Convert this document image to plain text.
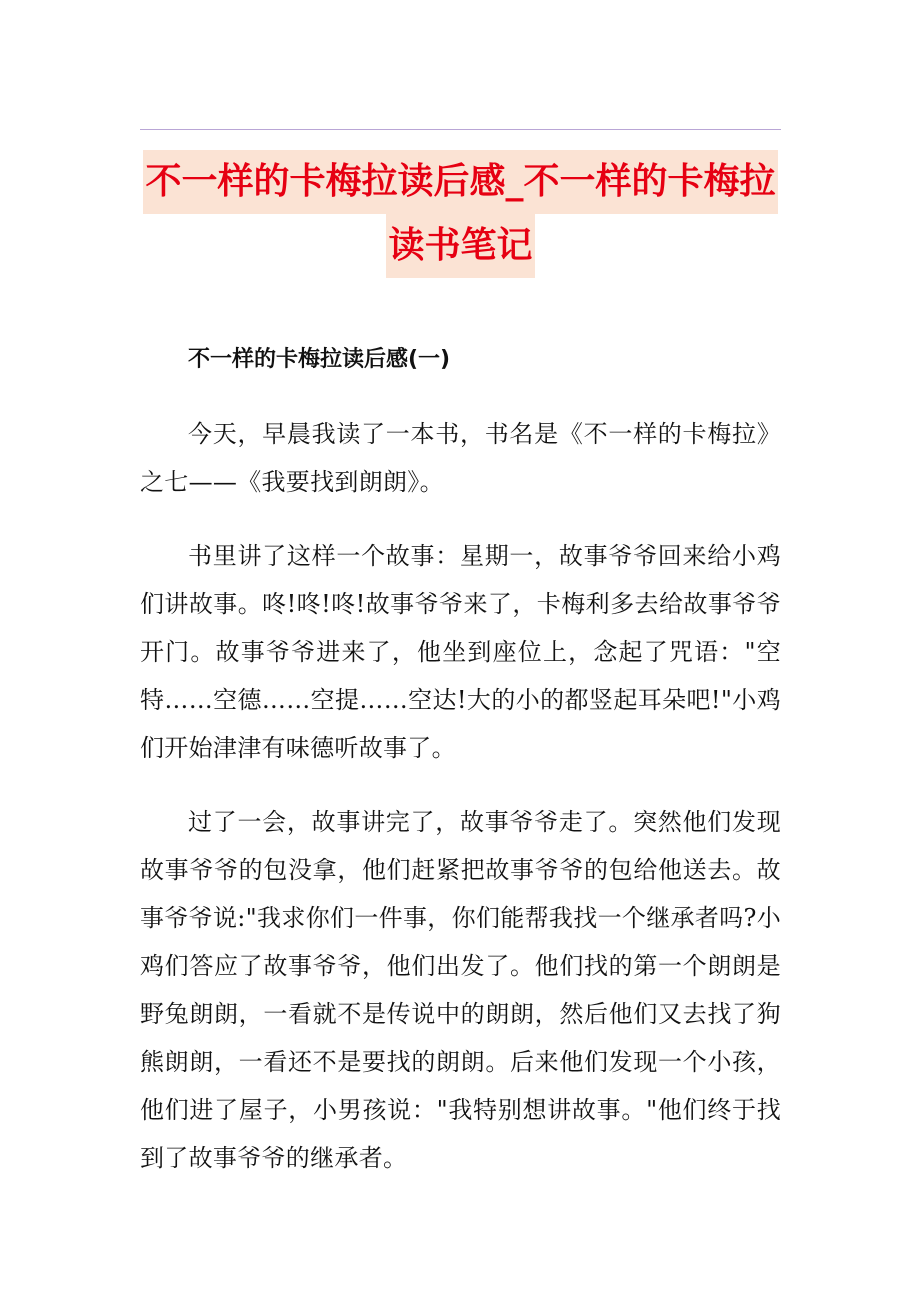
不一样的卡梅拉读后感_不一样的卡梅拉
读书笔记

不一样的卡梅拉读后感(一)

今天，早晨我读了一本书，书名是《不一样的卡梅拉》之七——《我要找到朗朗》。

书里讲了这样一个故事：星期一，故事爷爷回来给小鸡们讲故事。咚!咚!咚!故事爷爷来了，卡梅利多去给故事爷爷开门。故事爷爷进来了，他坐到座位上，念起了咒语："空特……空德……空提……空达!大的小的都竖起耳朵吧!"小鸡们开始津津有味德听故事了。

过了一会，故事讲完了，故事爷爷走了。突然他们发现故事爷爷的包没拿，他们赶紧把故事爷爷的包给他送去。故事爷爷说:"我求你们一件事，你们能帮我找一个继承者吗?小鸡们答应了故事爷爷，他们出发了。他们找的第一个朗朗是野兔朗朗，一看就不是传说中的朗朗，然后他们又去找了狗熊朗朗，一看还不是要找的朗朗。后来他们发现一个小孩，他们进了屋子，小男孩说："我特别想讲故事。"他们终于找到了故事爷爷的继承者。
